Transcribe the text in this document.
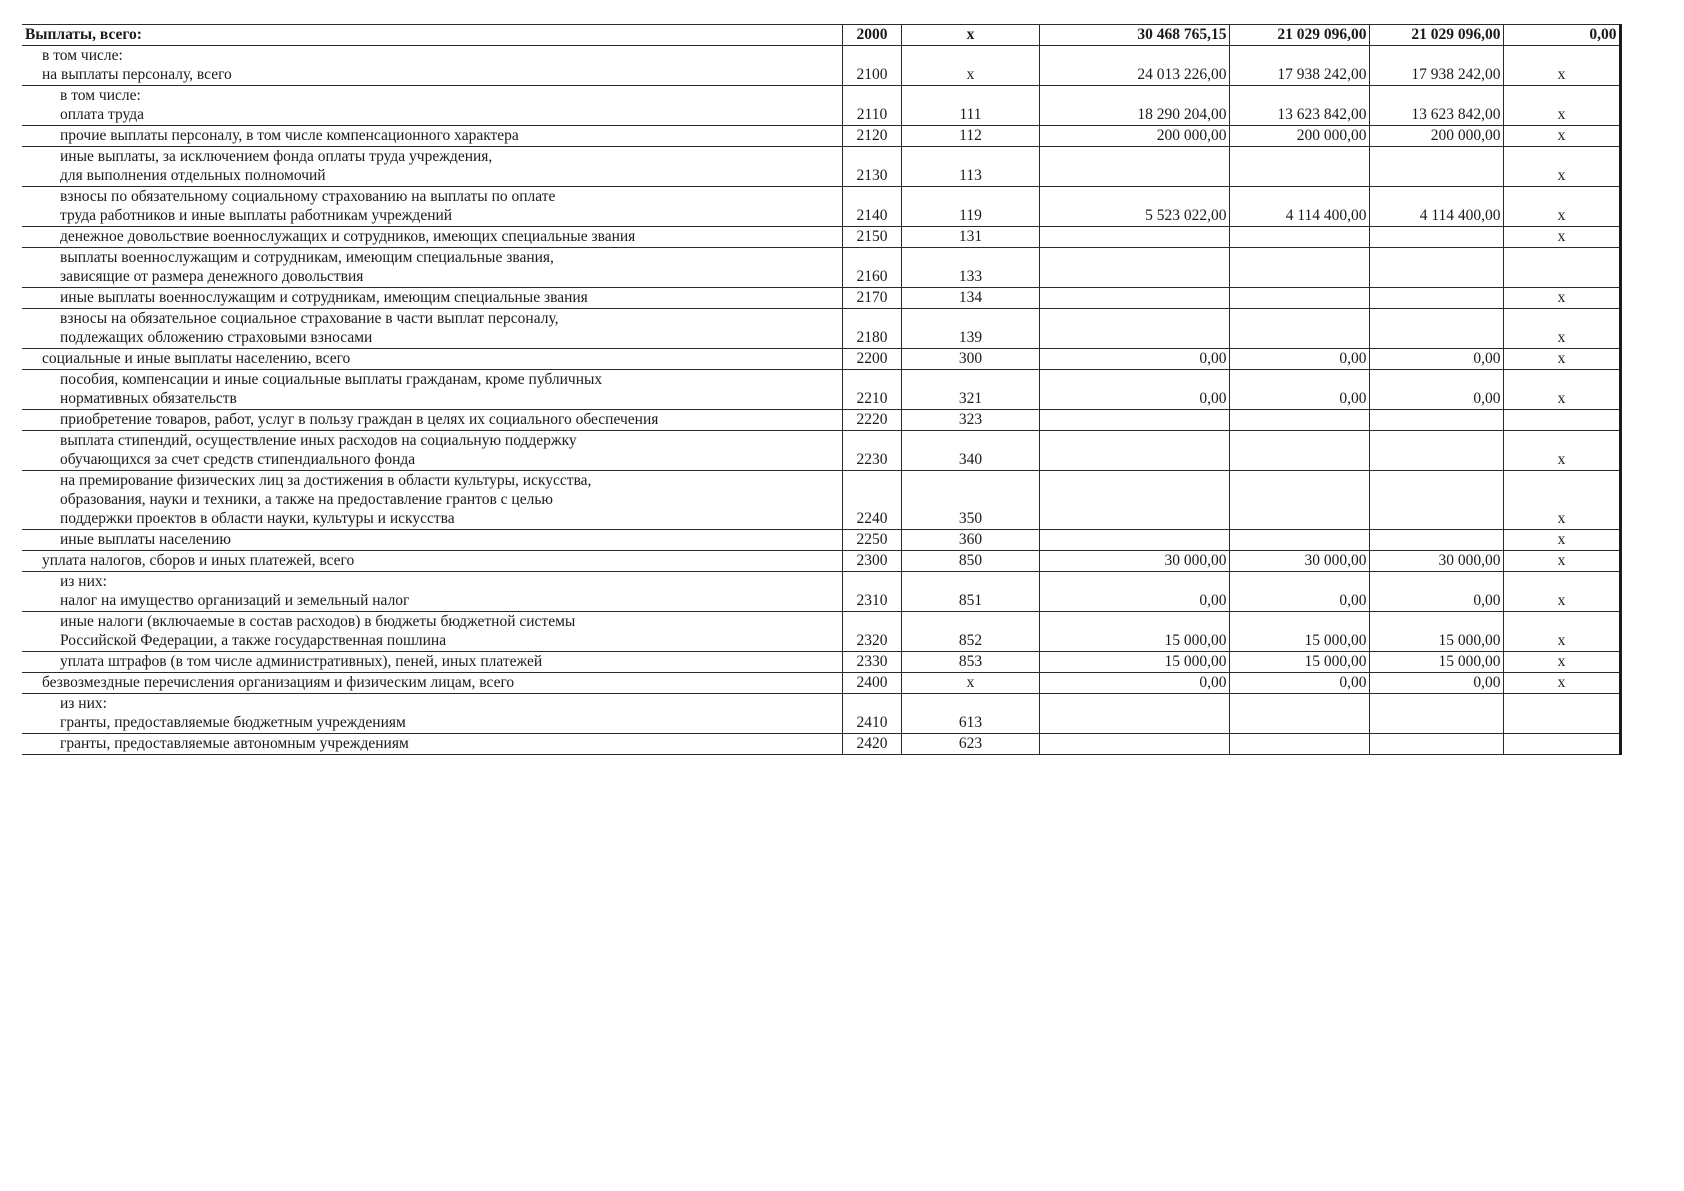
Выплаты, всего:	2000	x	30 468 765,15	21 029 096,00	21 029 096,00	0,00

в том числе:
на выплаты персоналу, всего	2100	x	24 013 226,00	17 938 242,00	17 938 242,00	x

в том числе:
оплата труда	2110	111	18 290 204,00	13 623 842,00	13 623 842,00	x

прочие выплаты персоналу, в том числе компенсационного характера	2120	112	200 000,00	200 000,00	200 000,00	x

иные выплаты, за исключением фонда оплаты труда учреждения,
для выполнения отдельных полномочий	2130	113				x

взносы по обязательному социальному страхованию на выплаты по оплате
труда работников и иные выплаты работникам учреждений	2140	119	5 523 022,00	4 114 400,00	4 114 400,00	x

денежное довольствие военнослужащих и сотрудников, имеющих специальные звания	2150	131				x

выплаты военнослужащим и сотрудникам, имеющим специальные звания,
зависящие от размера денежного довольствия	2160	133				

иные выплаты военнослужащим и сотрудникам, имеющим специальные звания	2170	134				x

взносы на обязательное социальное страхование в части выплат персоналу,
подлежащих обложению страховыми взносами	2180	139				x

социальные и иные выплаты населению, всего	2200	300	0,00	0,00	0,00	x

пособия, компенсации и иные социальные выплаты гражданам, кроме публичных
нормативных обязательств	2210	321	0,00	0,00	0,00	x

приобретение товаров, работ, услуг в пользу граждан в целях их социального обеспечения	2220	323				

выплата стипендий, осуществление иных расходов на социальную поддержку
обучающихся за счет средств стипендиального фонда	2230	340				x

на премирование физических лиц за достижения в области культуры, искусства,
образования, науки и техники, а также на предоставление грантов с целью
поддержки проектов в области науки, культуры и искусства	2240	350				x

иные выплаты населению	2250	360				x

уплата налогов, сборов и иных платежей, всего	2300	850	30 000,00	30 000,00	30 000,00	x

из них:
налог на имущество организаций и земельный налог	2310	851	0,00	0,00	0,00	x

иные налоги (включаемые в состав расходов) в бюджеты бюджетной системы
Российской Федерации, а также государственная пошлина	2320	852	15 000,00	15 000,00	15 000,00	x

уплата штрафов (в том числе административных), пеней, иных платежей	2330	853	15 000,00	15 000,00	15 000,00	x

безвозмездные перечисления организациям и физическим лицам, всего	2400	x	0,00	0,00	0,00	x

из них:
гранты, предоставляемые бюджетным учреждениям	2410	613				

гранты, предоставляемые автономным учреждениям	2420	623				
